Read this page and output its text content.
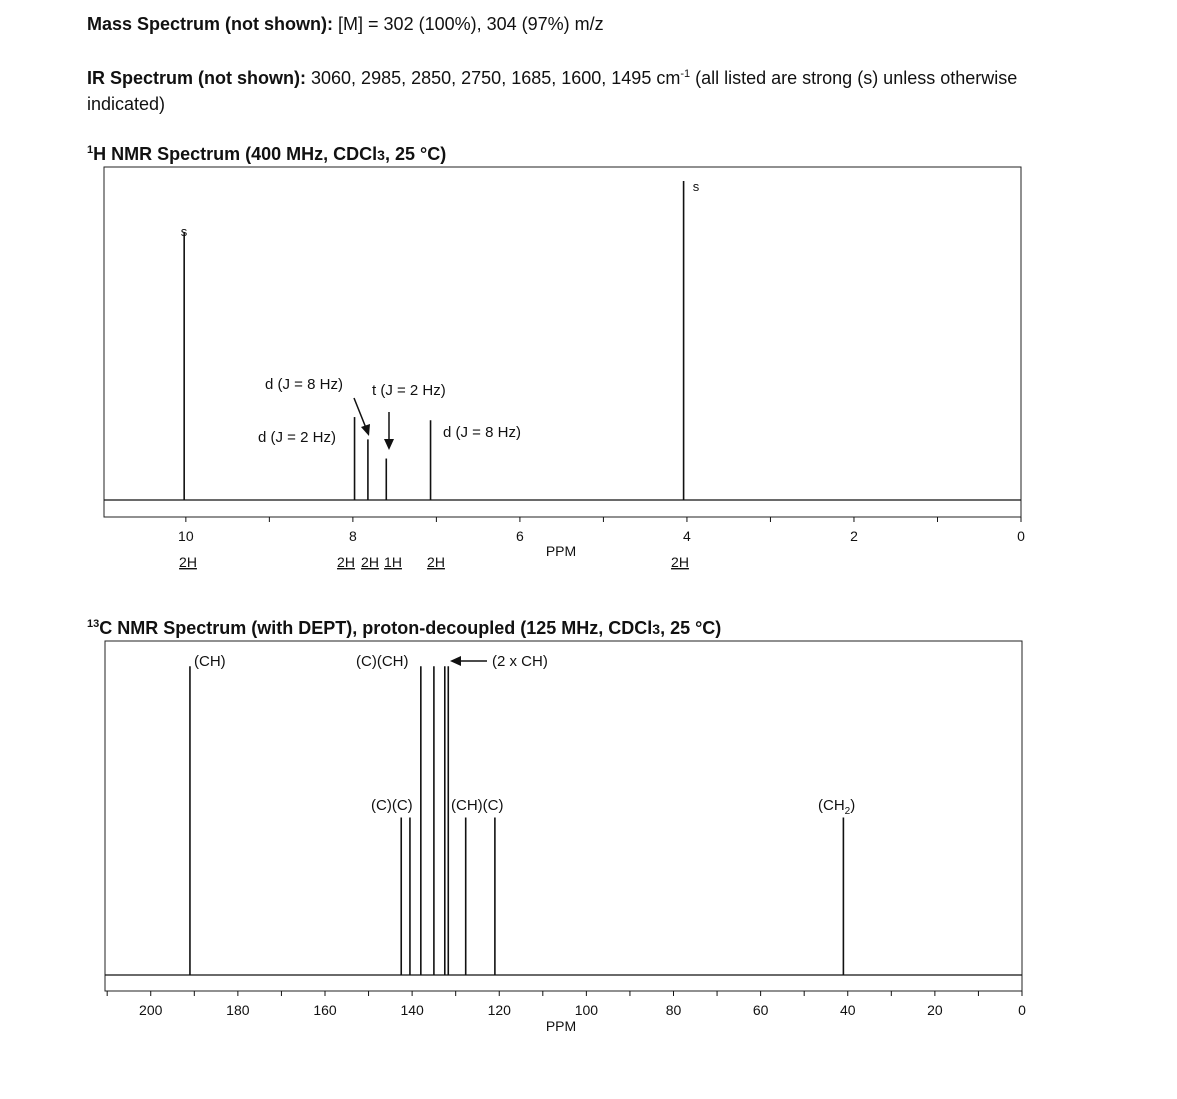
Mass Spectrum (not shown): [M] = 302 (100%), 304 (97%) m/z
IR Spectrum (not shown): 3060, 2985, 2850, 2750, 1685, 1600, 1495 $cm^{-1}$ (all listed are strong (s) unless otherwise indicated)
$^1$H NMR Spectrum (400 MHz, CDCl3, 25 °C)
$^{13}$C NMR Spectrum (with DEPT), proton-decoupled (125 MHz, CDCl3, 25 °C)
10	8	6	4	2	0
s
s
d (J = 8 Hz)
d (J = 2 Hz)
t (J = 2 Hz)
d (J = 8 Hz)
PPM
2H	2H 2H 1H 2H	2H
200	180	160	140	120	100	80	60	40	20	0
(CH)	(C)(CH)	(2 x CH)
(C)(C)	(CH)(C)	$(CH_2)$
PPM
